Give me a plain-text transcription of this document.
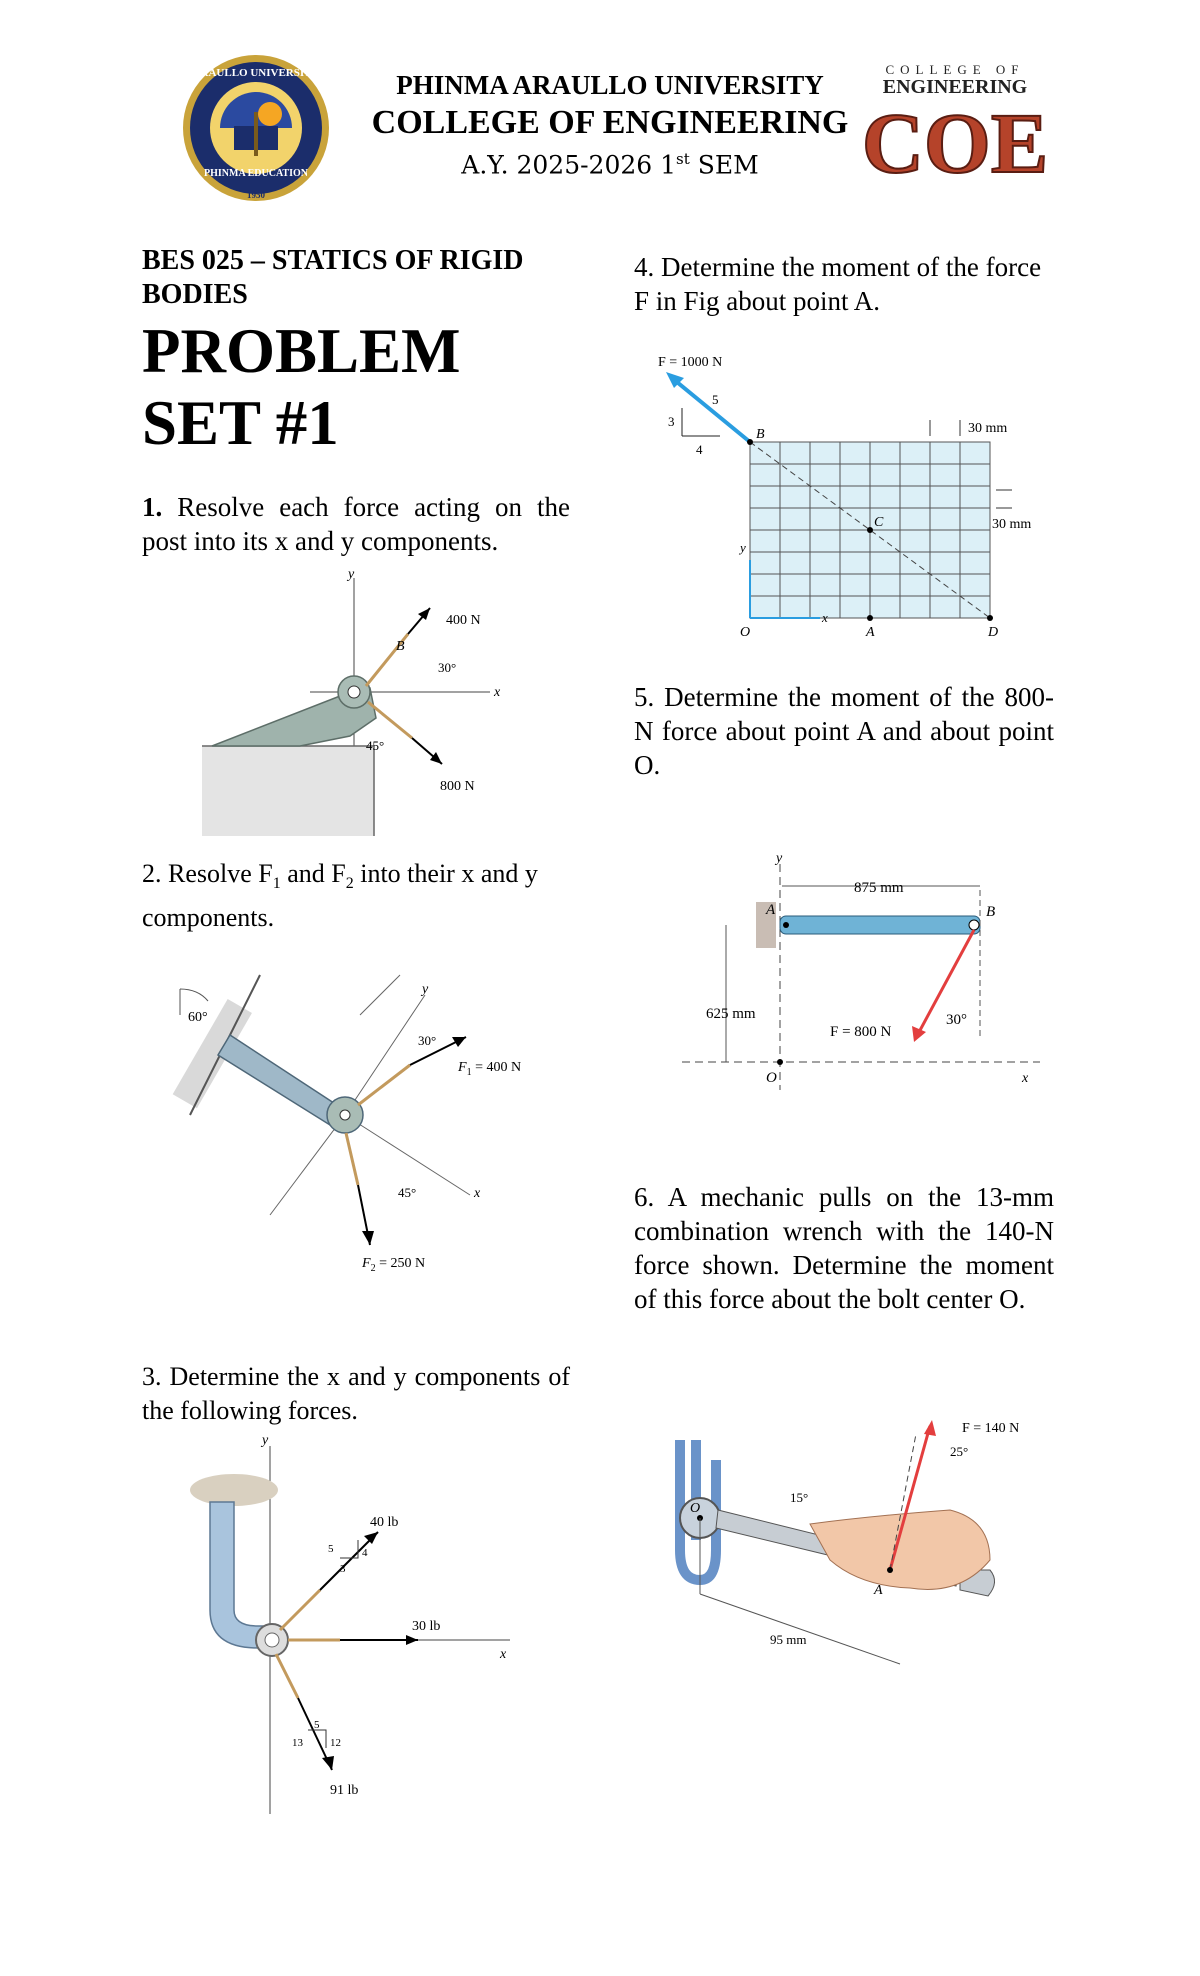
ARAULLO UNIVERSITY
PHINMA EDUCATION
1950
PHINMA ARAULLO UNIVERSITY
COLLEGE OF ENGINEERING
A.Y. 2025-2026 1st SEM
COLLEGE OF
ENGINEERING
COE
BES 025 – STATICS OF RIGID BODIES
PROBLEM
SET #1
1. Resolve each force acting on the post into its x and y components.
y
x
B
400 N
30°
45°
800 N
2. Resolve $F_1$ and $F_2$ into their x and y components.
60°
y
30°
$F_1 = 400$ N
45°	x
$F_2 = 250$ N
3. Determine the x and y components of the following forces.
y
x
40 lb
5	4
3
30 lb
5
13 12
91 lb
4. Determine the moment of the force F in Fig about point A.
F = 1000 N
5
3
4
B	30 mm
30 mm
C
y
O
x
A	D
5. Determine the moment of the 800-N force about point A and about point O.
y
875 mm
A	B
625 mm
F = 800 N
30°
O	x
6. A mechanic pulls on the 13-mm combination wrench with the 140-N force shown. Determine the moment of this force about the bolt center O.
F = 140 N
25°
15°
O
A
95 mm
